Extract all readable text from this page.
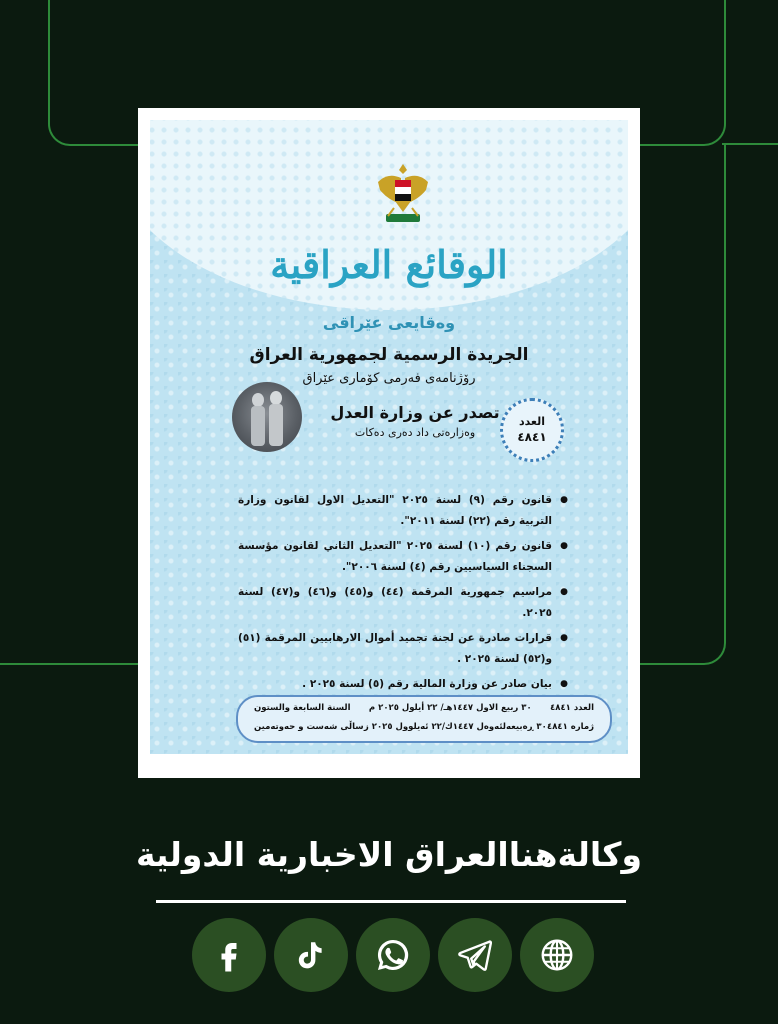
الوقائع العراقية
وەقایعی عێراقی
الجريدة الرسمية لجمهورية العراق
رۆژنامەی فەرمی کۆماری عێراق
تصدر عن وزارة العدل
وەزارەتی داد دەری دەکات
العدد
٤٨٤١
● قانون رقم (٩) لسنة ٢٠٢٥ "التعديل الاول لقانون وزارة التربية رقم (٢٢) لسنة ٢٠١١".
● قانون رقم (١٠) لسنة ٢٠٢٥ "التعديل الثاني لقانون مؤسسة السجناء السياسيين رقم (٤) لسنة ٢٠٠٦".
● مراسيم جمهورية المرقمة (٤٤) و(٤٥) و(٤٦) و(٤٧) لسنة ٢٠٢٥.
● قرارات صادرة عن لجنة تجميد أموال الارهابيين المرقمة (٥١) و(٥٢) لسنة ٢٠٢٥ .
● بيان صادر عن وزارة المالية رقم (٥) لسنة ٢٠٢٥ .
العدد ٤٨٤١
٣٠ ربيع الاول ١٤٤٧هـ/ ٢٢ أيلول ٢٠٢٥ م
السنة السابعة والستون
ژماره ٤٨٤١
٣٠ ڕەبیعەلئەوەل ١٤٤٧ك/٢٢ ئەیلوول ٢٠٢٥ ز
ساڵی شەست و حەوتەمین
وكالةهناالعراق الاخبارية الدولية
